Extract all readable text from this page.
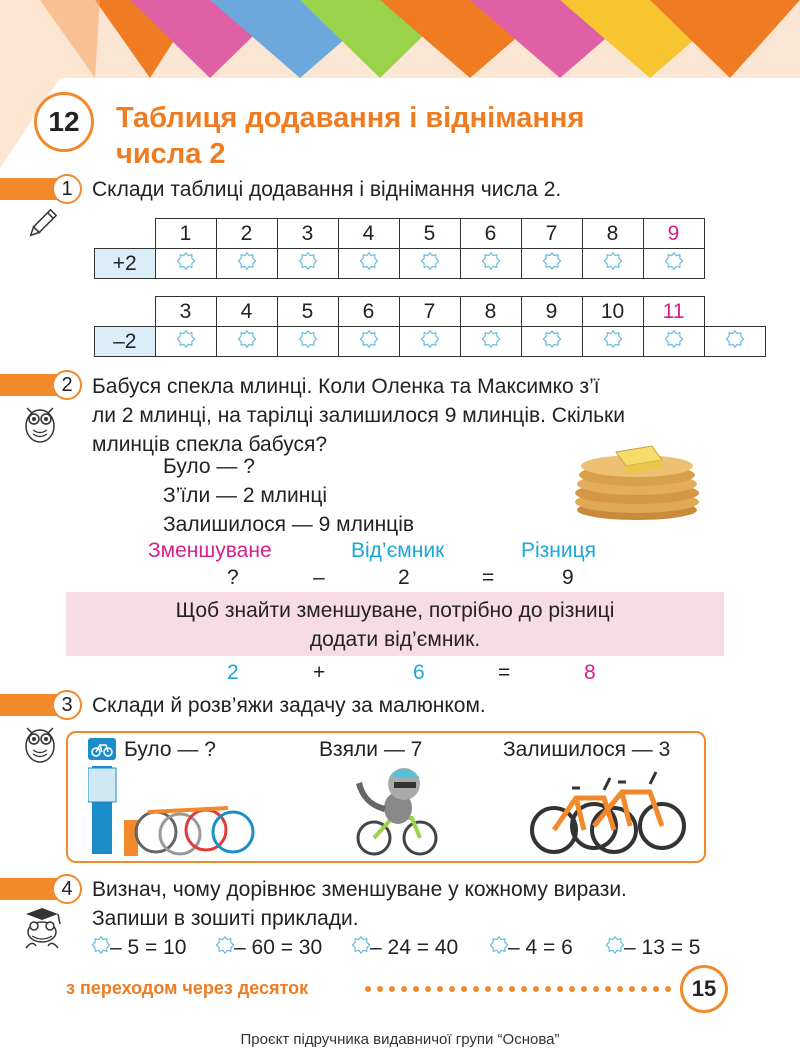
12	Таблиця додавання і віднімання
числа 2
1 Склади таблиці додавання і віднімання числа 2.
	1	2	3	4	5	6	7	8	9
+2									
	3	4	5	6	7	8	9	10	11	
–2										
2 Бабуся спекла млинці. Коли Оленка та Максимко з’ї
ли 2 млинці, на тарілці залишилося 9 млинців. Скільки
млинців спекла бабуся?
Було — ?
З’їли — 2 млинці
Залишилося — 9 млинців
Зменшуване	Від’ємник	Різниця
?	–	2	=	9
Щоб знайти зменшуване, потрібно до різниці
додати від’ємник.
2	+	6	=	8
3 Склади й розв’яжи задачу за малюнком.
Було — ?	Взяли — 7	Залишилося — 3
4 Визнач, чому дорівнює зменшуване у кожному вирази.
Запиши в зошиті приклади.
– 5 = 10	– 60 = 30	– 24 = 40	– 4 = 6	– 13 = 5
з переходом через десяток	15
Проєкт підручника видавничої групи “Основа”
